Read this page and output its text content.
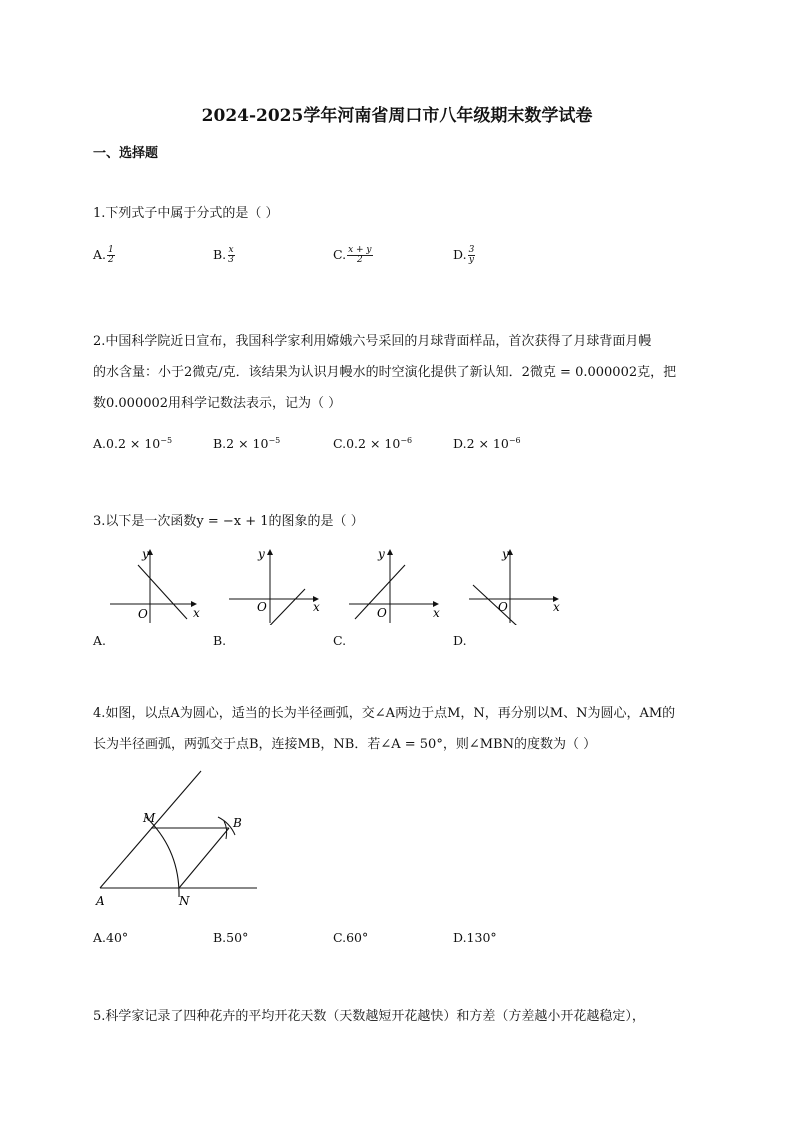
2024-2025学年河南省周口市八年级期末数学试卷
一、选择题
1.下列式子中属于分式的是（ ）
A. $\frac{1}{2}$	B. $\frac{x}{3}$	C. $\frac{x + y}{2}$	D. $\frac{3}{y}$
2.中国科学院近日宣布，我国科学家利用嫦娥六号采回的月球背面样品，首次获得了月球背面月幔
的水含量：小于2微克/克．该结果为认识月幔水的时空演化提供了新认知．2微克 = 0.000002克，把
数0.000002用科学记数法表示，记为（ ）
$A.0.2 \times 10^{-5}$	$B.2 \times 10^{-5}$	$C.0.2 \times 10^{-6}$	$D.2 \times 10^{-6}$
3.以下是一次函数y = −x + 1的图象的是（ ）
y
x
O
y
x
O
y
x
O
y
x
O
A.	B.	C.	D.
4.如图，以点A为圆心，适当的长为半径画弧，交∠A两边于点M，N，再分别以M、N为圆心，AM的
长为半径画弧，两弧交于点B，连接MB，NB．若∠A = 50°，则∠MBN的度数为（ ）
A
M
N
B
A.40°	B.50°	C.60°	D.130°
5.科学家记录了四种花卉的平均开花天数（天数越短开花越快）和方差（方差越小开花越稳定），
